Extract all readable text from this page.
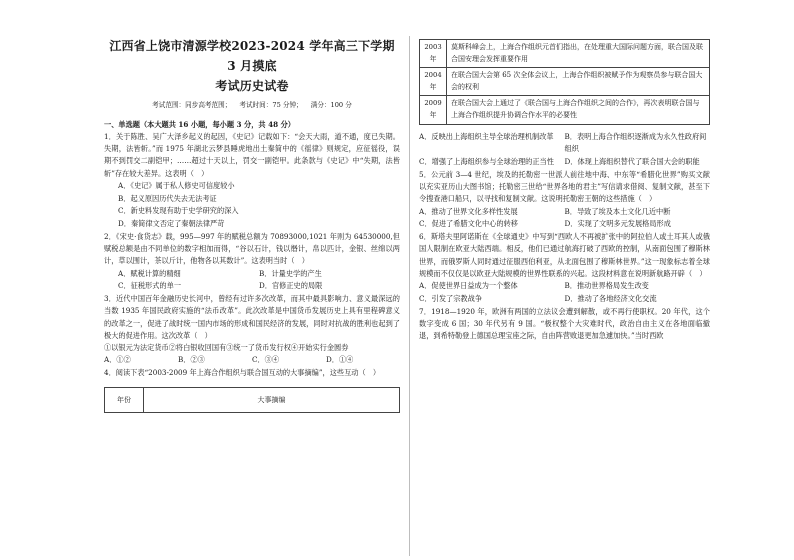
江西省上饶市清源学校2023-2024 学年高三下学期 3 月摸底
考试历史试卷
考试范围：同步高考范围； 考试时间：75 分钟； 满分：100 分
一、单选题（本大题共 16 小题，每小题 3 分，共 48 分）

1．关于陈胜、吴广大泽乡起义的起因，《史记》记载如下：“会天大雨，道不通，度已失期。失期，法皆斩。”而 1975 年湖北云梦县睡虎地出土秦简中的《徭律》则规定，应征徭役，误期不到罚交二副铠甲；……超过十天以上，罚交一副铠甲。此条款与《史记》中“失期，法皆斩”存在较大差异。这表明（　）

A．《史记》属于私人修史可信度较小
B．起义原因历代失去无法考证
C．新史料发现有助于史学研究的深入
D．秦简律文否定了秦朝法律严苛

2．《宋史·食货志》载，995—997 年的赋税总额为 70893000,1021 年则为 64530000,但赋税总额是由不同单位的数字相加而得，“谷以石计，钱以缗计，帛以匹计，金银、丝绵以两计，草以围计，茶以斤计，他物各以其数计”。这表明当时（　）

A．赋税计算的精细	B．计量史学的产生
C．征税形式的单一	D．官修正史的局限

3．近代中国百年金融历史长河中，曾经有过许多次改革，而其中最具影响力、意义最深远的当数 1935 年国民政府实施的“法币改革”。此次改革是中国货币发展历史上具有里程碑意义的改革之一，促进了战时统一国内市场的形成和国民经济的发展，同时对抗战的胜利也起到了极大的促进作用。这次改革（　）

①以银元为法定货币②将白银收回国有③统一了货币发行权④开始实行金圆券

A．①②	B．②③	C．③④	D．①④

4．阅读下表“2003-2009 年上海合作组织与联合国互动的大事摘编”，这些互动（　）

年份	大事摘编
2003 年	莫斯科峰会上，上海合作组织元首们指出，在处理重大国际问题方面，联合国及联合国安理会发挥重要作用
2004 年	在联合国大会第 65 次全体会议上，上海合作组织被赋予作为观察员参与联合国大会的权利
2009 年	在联合国大会上通过了《联合国与上海合作组织之间的合作》，再次表明联合国与上海合作组织提升协调合作水平的必要性
A．反映出上海组织主导全球治理机制改革	B．表明上海合作组织逐渐成为永久性政府间组织
C．增强了上海组织参与全球治理的正当性	D．体现上海组织替代了联合国大会的职能

5．公元前 3—4 世纪，埃及的托勒密一世派人前往地中海、中东等“希腊化世界”购买文献以充实亚历山大图书馆；托勒密三世给“世界各地的君主”写信请求借阅、复制文献，甚至下令搜查港口船只，以寻找和复制文献。这说明托勒密王朝的这些措施（　）

A．推动了世界文化多样性发展	B．导致了埃及本土文化几近中断
C．促进了希腊文化中心的转移	D．实现了文明多元发展格局形成

6．斯塔夫里阿诺斯在《全球通史》中写到“西欧人不再被扩张中的阿拉伯人或土耳其人或俄国人限制在欧亚大陆西端。相反，他们已通过航海打破了西欧的控制，从南面包围了穆斯林世界，而俄罗斯人同时通过征服西伯利亚，从北面包围了穆斯林世界。”这一现象标志着全球规模而不仅仅是以欧亚大陆规模的世界性联系的兴起。这段材料意在说明新航路开辟（　）

A．促使世界日益成为一个整体	B．推动世界格局发生改变
C．引发了宗教战争	D．推动了各地经济文化交流

7．1918—1920 年，欧洲有两国的立法议会遭到解散，或不再行使职权。20 年代，这个数字变成 6 国；30 年代另有 9 国。“极权整个大灾难时代，政治自由主义在各地面临撤退，到希特勒登上德国总理宝座之际，自由阵营败退更加急遽加快。”当时西欧
